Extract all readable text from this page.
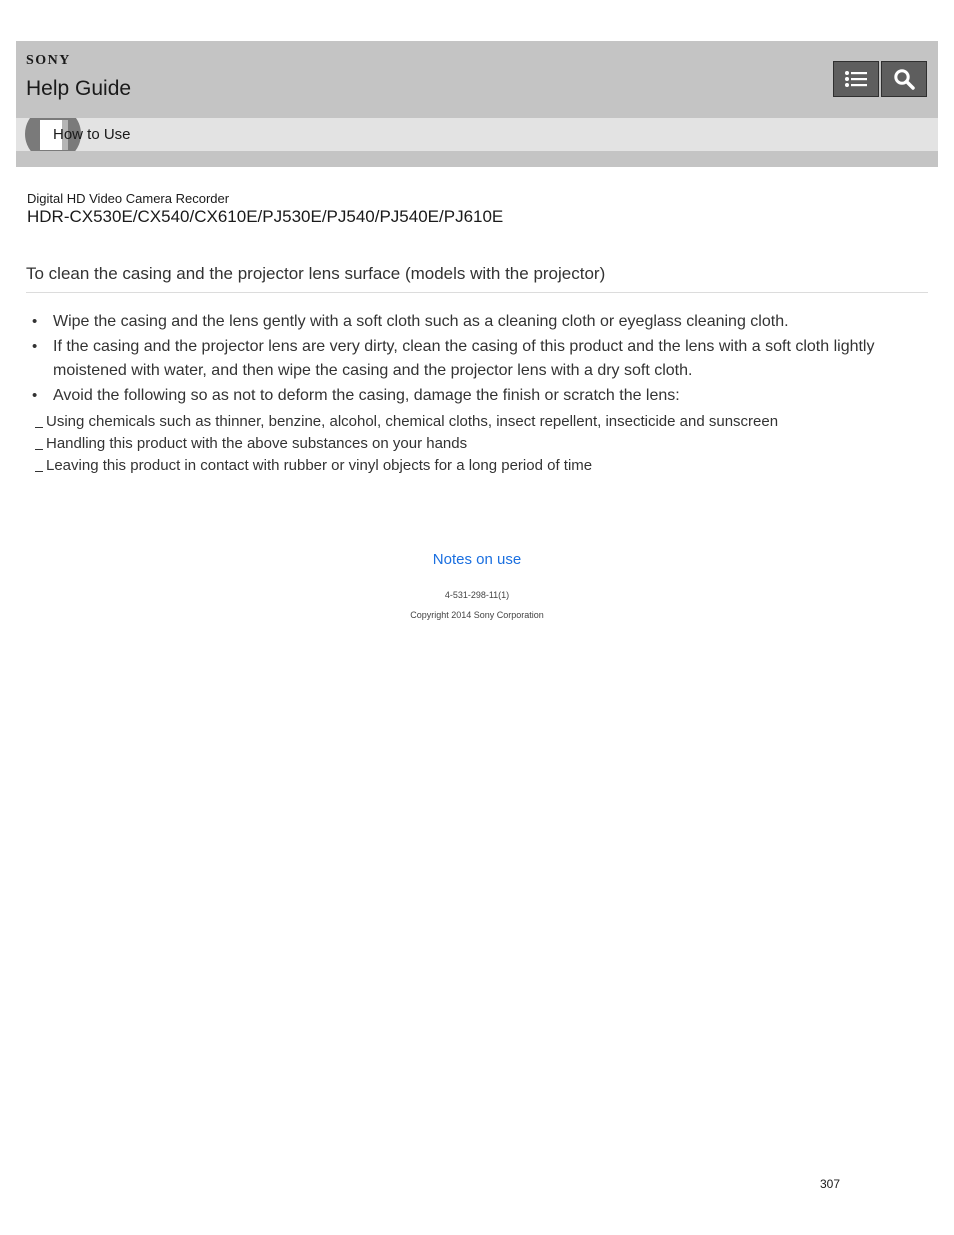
SONY
Help Guide
How to Use
Digital HD Video Camera Recorder
HDR-CX530E/CX540/CX610E/PJ530E/PJ540/PJ540E/PJ610E
To clean the casing and the projector lens surface (models with the projector)
• Wipe the casing and the lens gently with a soft cloth such as a cleaning cloth or eyeglass cleaning cloth.
• If the casing and the projector lens are very dirty, clean the casing of this product and the lens with a soft cloth lightly moistened with water, and then wipe the casing and the projector lens with a dry soft cloth.
• Avoid the following so as not to deform the casing, damage the finish or scratch the lens:
Using chemicals such as thinner, benzine, alcohol, chemical cloths, insect repellent, insecticide and sunscreen
Handling this product with the above substances on your hands
Leaving this product in contact with rubber or vinyl objects for a long period of time
Notes on use
4-531-298-11(1)
Copyright 2014 Sony Corporation
307
